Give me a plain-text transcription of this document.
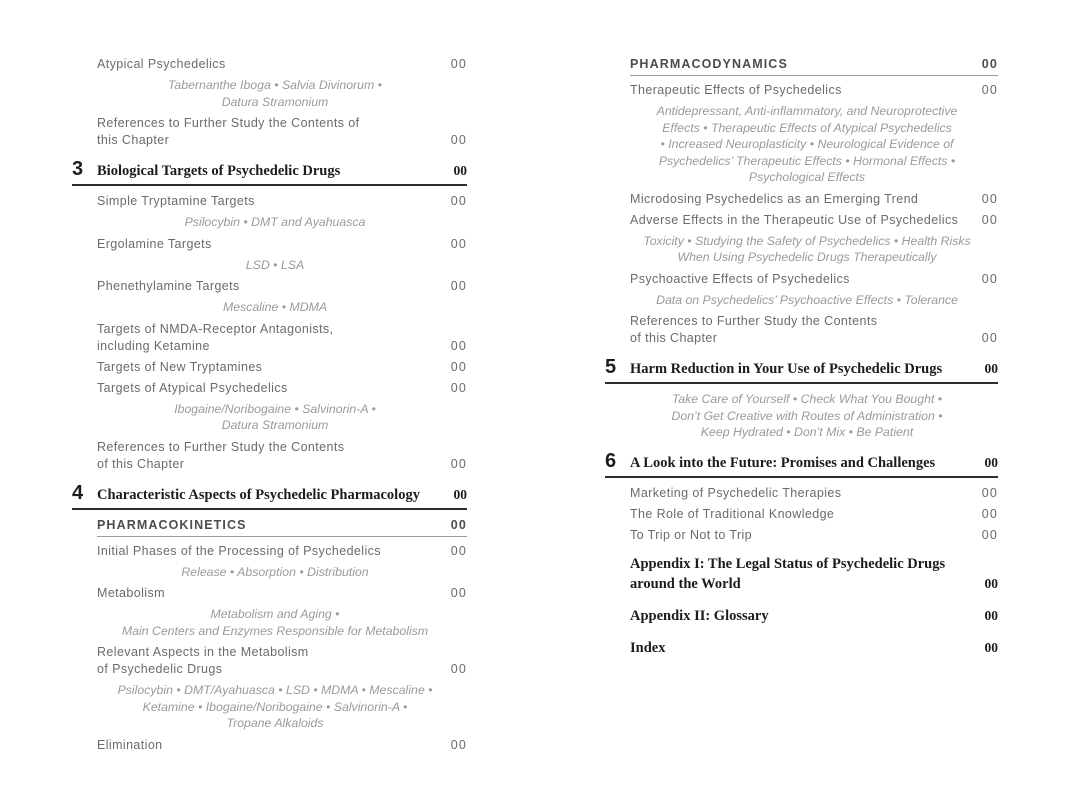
Atypical Psychedelics	00
Tabernanthe Iboga • Salvia Divinorum •
Datura Stramonium
References to Further Study the Contents of
this Chapter	00
3 Biological Targets of Psychedelic Drugs	00
Simple Tryptamine Targets	00
Psilocybin • DMT and Ayahuasca
Ergolamine Targets	00
LSD • LSA
Phenethylamine Targets	00
Mescaline • MDMA
Targets of NMDA-Receptor Antagonists,
including Ketamine	00
Targets of New Tryptamines	00
Targets of Atypical Psychedelics	00
Ibogaine/Noribogaine • Salvinorin-A •
Datura Stramonium
References to Further Study the Contents
of this Chapter	00
4 Characteristic Aspects of Psychedelic Pharmacology	00
PHARMACOKINETICS	00
Initial Phases of the Processing of Psychedelics	00
Release • Absorption • Distribution
Metabolism	00
Metabolism and Aging •
Main Centers and Enzymes Responsible for Metabolism
Relevant Aspects in the Metabolism
of Psychedelic Drugs	00
Psilocybin • DMT/Ayahuasca • LSD • MDMA • Mescaline •
Ketamine • Ibogaine/Noribogaine • Salvinorin-A •
Tropane Alkaloids
Elimination	00
PHARMACODYNAMICS	00
Therapeutic Effects of Psychedelics	00
Antidepressant, Anti-inflammatory, and Neuroprotective
Effects • Therapeutic Effects of Atypical Psychedelics
• Increased Neuroplasticity • Neurological Evidence of
Psychedelics’ Therapeutic Effects • Hormonal Effects •
Psychological Effects
Microdosing Psychedelics as an Emerging Trend	00
Adverse Effects in the Therapeutic Use of Psychedelics 00
Toxicity • Studying the Safety of Psychedelics • Health Risks
When Using Psychedelic Drugs Therapeutically
Psychoactive Effects of Psychedelics	00
Data on Psychedelics’ Psychoactive Effects • Tolerance
References to Further Study the Contents
of this Chapter	00
5 Harm Reduction in Your Use of Psychedelic Drugs	00
Take Care of Yourself • Check What You Bought •
Don’t Get Creative with Routes of Administration •
Keep Hydrated • Don’t Mix • Be Patient
6 A Look into the Future: Promises and Challenges	00
Marketing of Psychedelic Therapies	00
The Role of Traditional Knowledge	00
To Trip or Not to Trip	00
Appendix I: The Legal Status of Psychedelic Drugs
around the World	00
Appendix II: Glossary	00
Index	00
